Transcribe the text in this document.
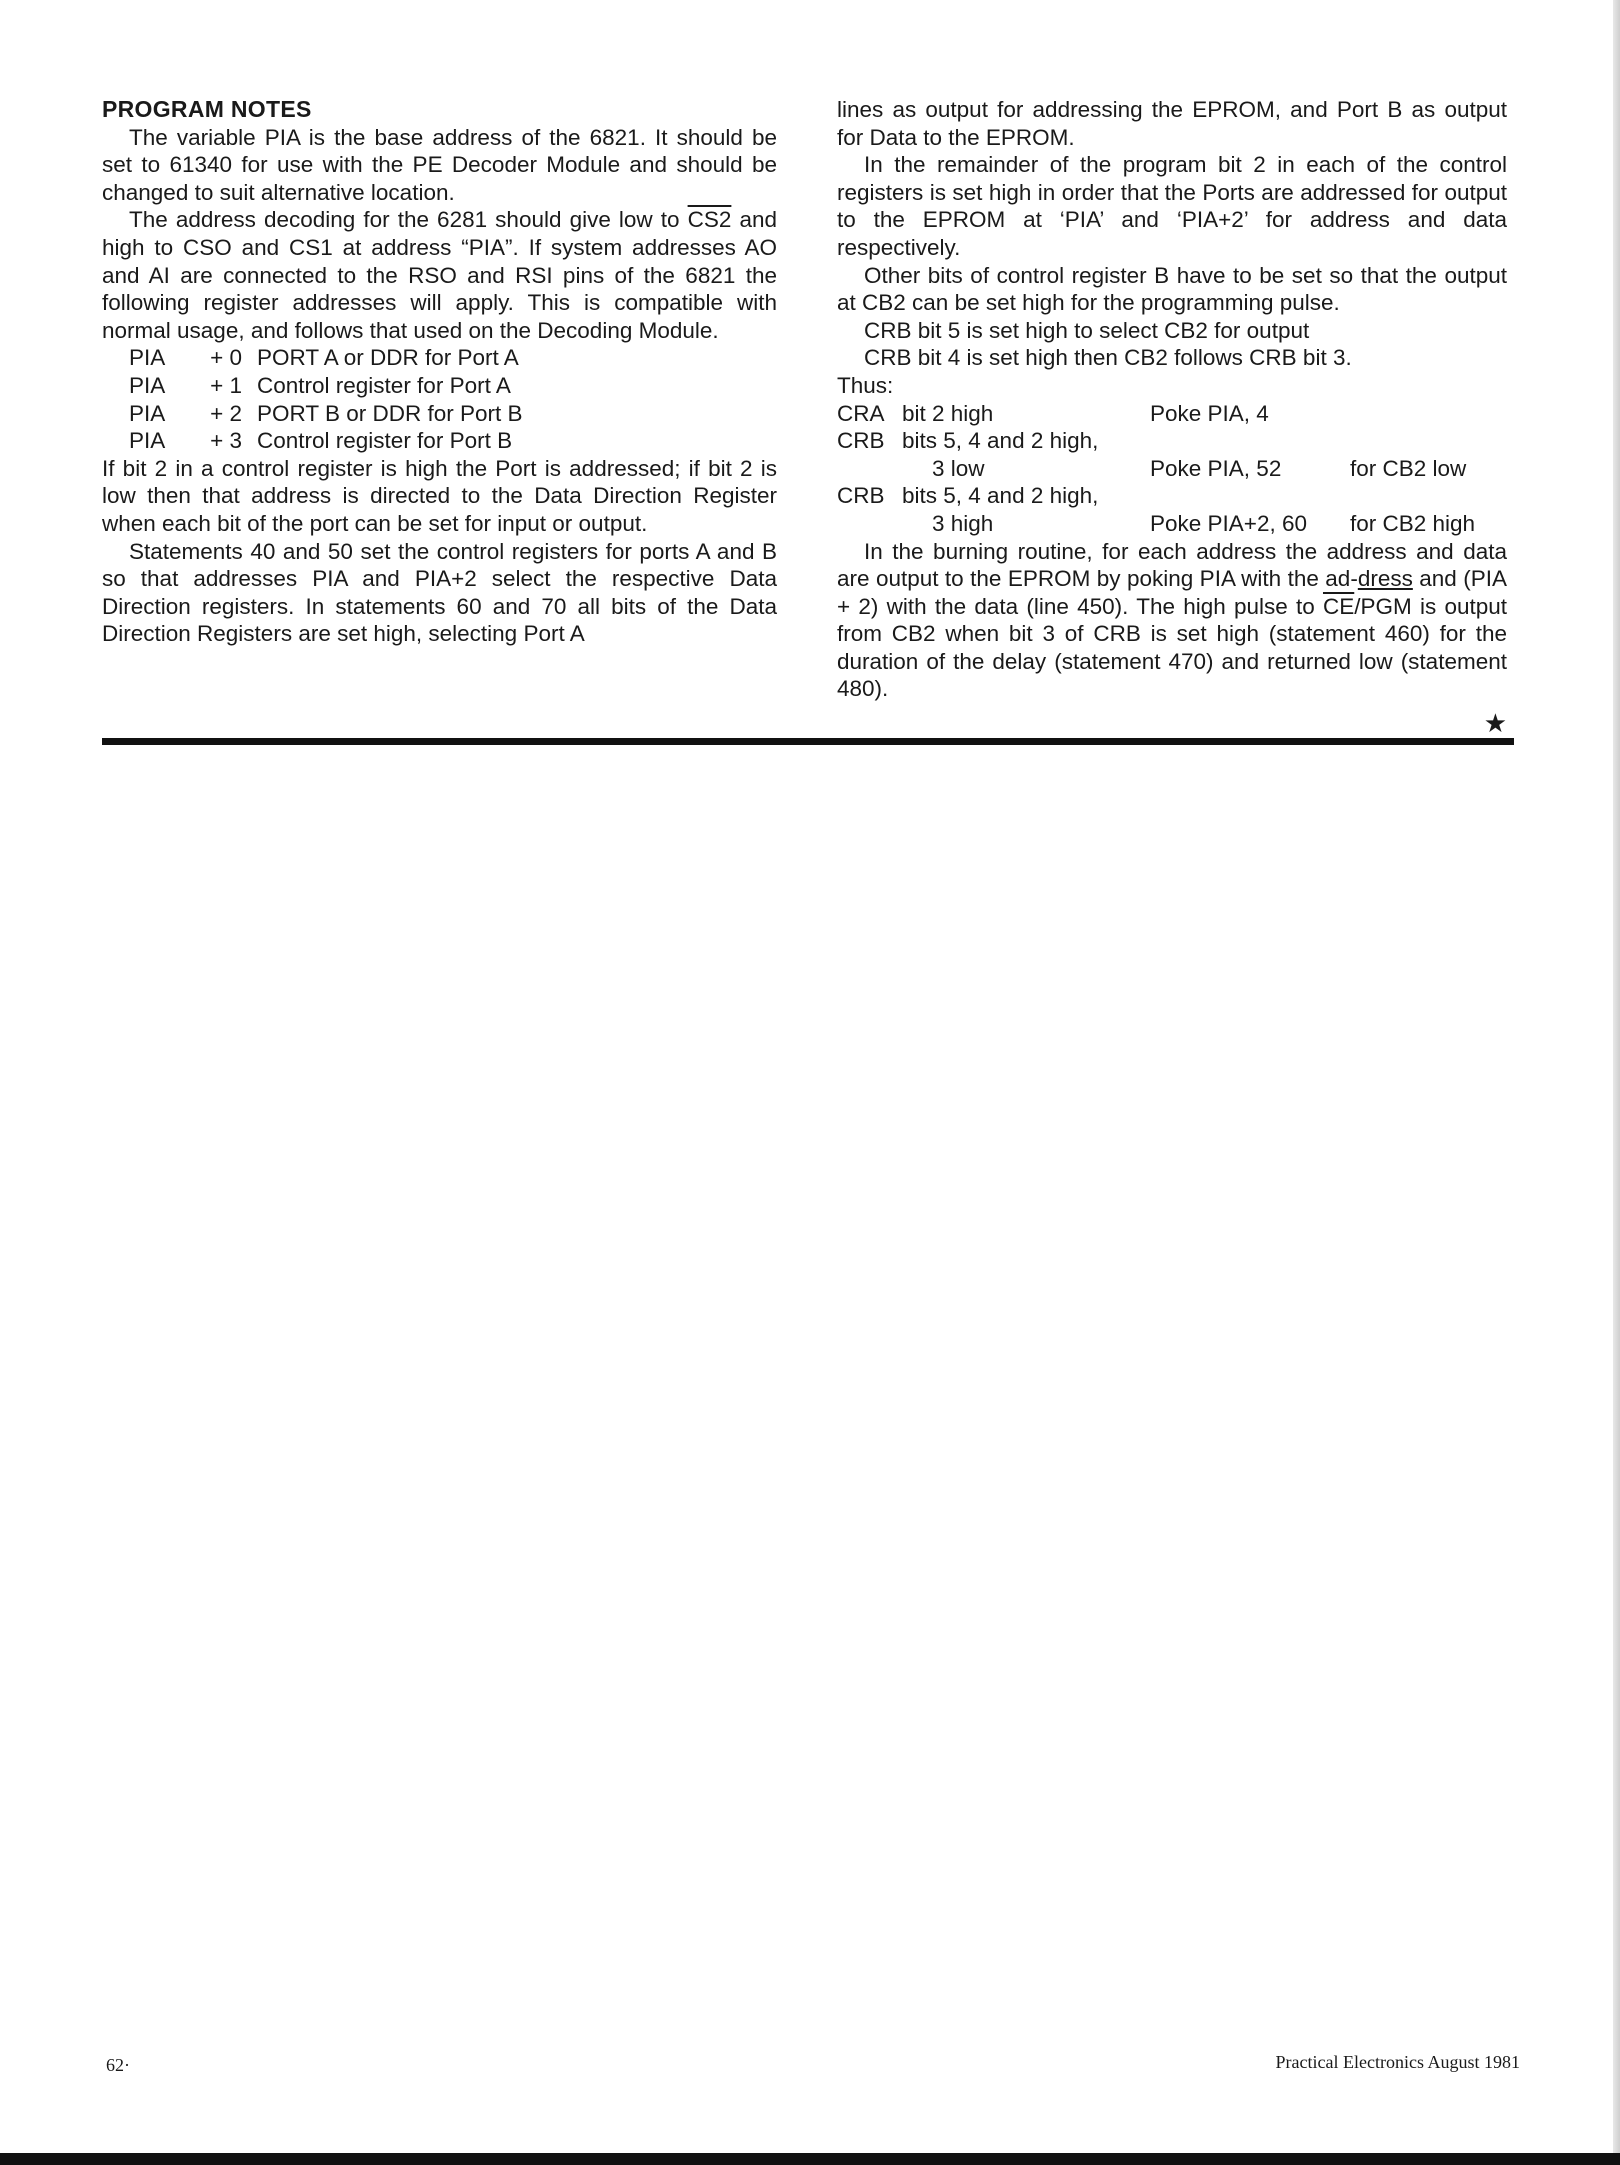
PROGRAM NOTES

The variable PIA is the base address of the 6821. It should be set to 61340 for use with the PE Decoder Module and should be changed to suit alternative location.

The address decoding for the 6281 should give low to CS2 and high to CSO and CS1 at address “PIA”. If system addresses AO and AI are connected to the RSO and RSI pins of the 6821 the following register addresses will apply. This is compatible with normal usage, and follows that used on the Decoding Module.

PIA	+ 0	PORT A or DDR for Port A
PIA	+ 1	Control register for Port A
PIA	+ 2	PORT B or DDR for Port B
PIA	+ 3	Control register for Port B

If bit 2 in a control register is high the Port is addressed; if bit 2 is low then that address is directed to the Data Direction Register when each bit of the port can be set for input or output.

Statements 40 and 50 set the control registers for ports A and B so that addresses PIA and PIA+2 select the respective Data Direction registers. In statements 60 and 70 all bits of the Data Direction Registers are set high, selecting Port A

lines as output for addressing the EPROM, and Port B as output for Data to the EPROM.

In the remainder of the program bit 2 in each of the control registers is set high in order that the Ports are addressed for output to the EPROM at ‘PIA’ and ‘PIA+2’ for address and data respectively.

Other bits of control register B have to be set so that the output at CB2 can be set high for the programming pulse.

CRB bit 5 is set high to select CB2 for output

CRB bit 4 is set high then CB2 follows CRB bit 3.

Thus:

CRA	bit 2 high	Poke PIA, 4	
CRB	bits 5, 4 and 2 high,		
	3 low	Poke PIA, 52	for CB2 low
CRB	bits 5, 4 and 2 high,		
	3 high	Poke PIA+2, 60	for CB2 high

In the burning routine, for each address the address and data are output to the EPROM by poking PIA with the ad-dress and (PIA + 2) with the data (line 450). The high pulse to $\overline{CE}$/PGM is output from CB2 when bit 3 of CRB is set high (statement 460) for the duration of the delay (statement 470) and returned low (statement 480).

★
62·	Practical Electronics August 1981
